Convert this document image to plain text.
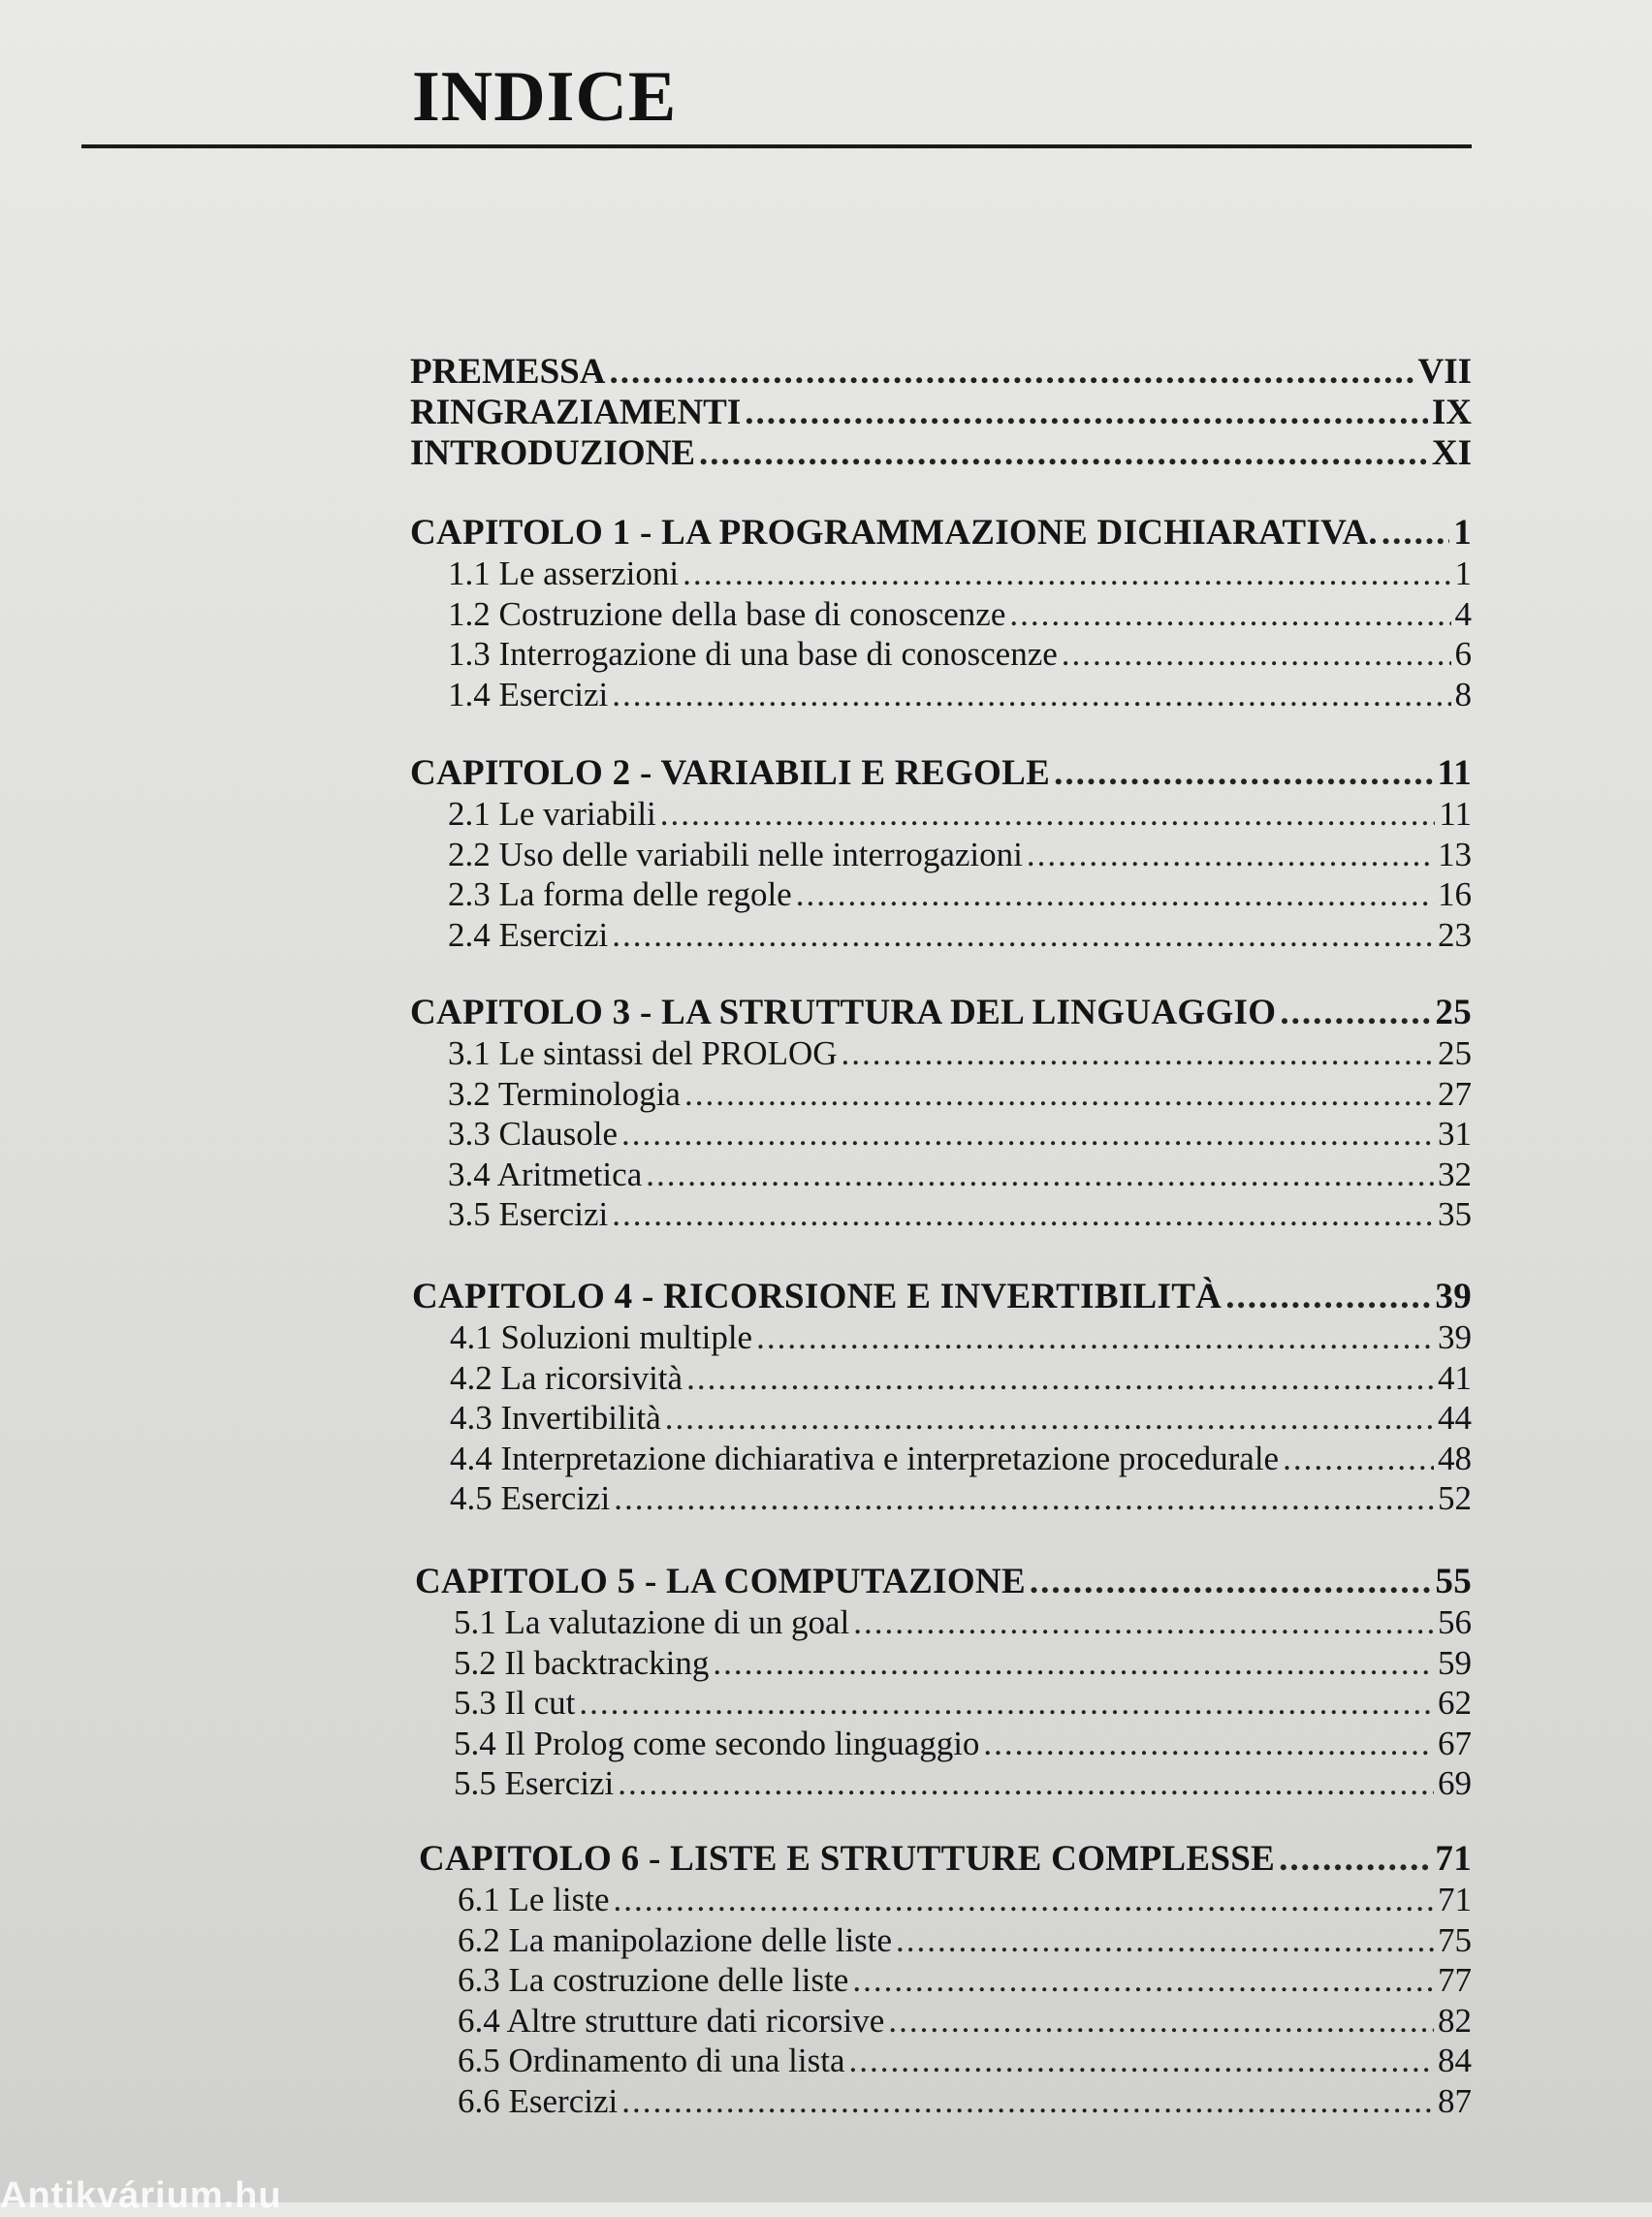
INDICE
PREMESSA .....	VII
RINGRAZIAMENTI .....	IX
INTRODUZIONE .....	XI
CAPITOLO 1 - LA PROGRAMMAZIONE DICHIARATIVA. ..... 1
1.1 Le asserzioni .....	1
1.2 Costruzione della base di conoscenze .....	4
1.3 Interrogazione di una base di conoscenze .....	6
1.4 Esercizi .....	8
CAPITOLO 2 - VARIABILI E REGOLE .....	11
2.1 Le variabili .....	11
2.2 Uso delle variabili nelle interrogazioni .....	13
2.3 La forma delle regole .....	16
2.4 Esercizi .....	23
CAPITOLO 3 - LA STRUTTURA DEL LINGUAGGIO .....	25
3.1 Le sintassi del PROLOG .....	25
3.2 Terminologia .....	27
3.3 Clausole .....	31
3.4 Aritmetica .....	32
3.5 Esercizi .....	35
CAPITOLO 4 - RICORSIONE E INVERTIBILITÀ .....	39
4.1 Soluzioni multiple .....	39
4.2 La ricorsività .....	41
4.3 Invertibilità .....	44
4.4 Interpretazione dichiarativa e interpretazione procedurale .....	48
4.5 Esercizi .....	52
CAPITOLO 5 - LA COMPUTAZIONE .....	55
5.1 La valutazione di un goal .....	56
5.2 Il backtracking .....	59
5.3 Il cut .....	62
5.4 Il Prolog come secondo linguaggio .....	67
5.5 Esercizi .....	69
CAPITOLO 6 - LISTE E STRUTTURE COMPLESSE .....	71
6.1 Le liste .....	71
6.2 La manipolazione delle liste .....	75
6.3 La costruzione delle liste .....	77
6.4 Altre strutture dati ricorsive .....	82
6.5 Ordinamento di una lista .....	84
6.6 Esercizi .....	87
Antikvárium.hu
